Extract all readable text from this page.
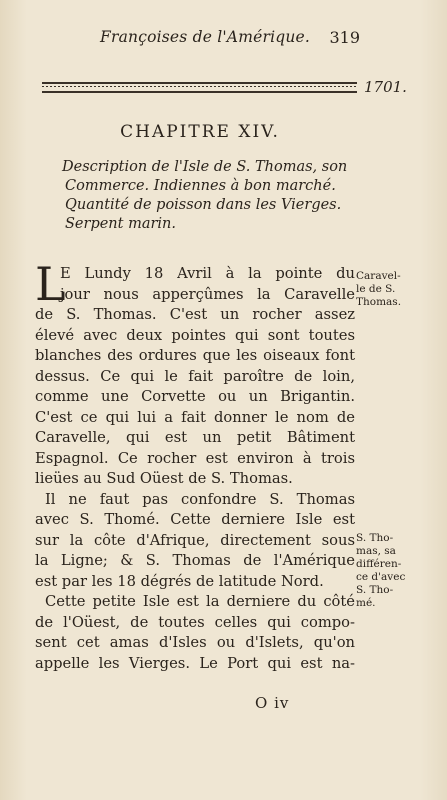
Françoises de l'Amérique. 319
1701.
CHAPITRE XIV.
Description de l'Isle de S. Thomas, son
Commerce. Indiennes à bon marché.
Quantité de poisson dans les Vierges.
Serpent marin.
L
E Lundy 18 Avril à la pointe du
jour nous apperçûmes la Caravelle
de S. Thomas. C'est un rocher assez
élevé avec deux pointes qui sont toutes
blanches des ordures que les oiseaux font
dessus. Ce qui le fait paroître de loin,
comme une Corvette ou un Brigantin.
C'est ce qui lui a fait donner le nom de
Caravelle, qui est un petit Bâtiment
Espagnol. Ce rocher est environ à trois
lieües au Sud Oüest de S. Thomas.
Il ne faut pas confondre S. Thomas
avec S. Thomé. Cette derniere Isle est
sur la côte d'Afrique, directement sous
la Ligne; & S. Thomas de l'Amérique
est par les 18 dégrés de latitude Nord.
Cette petite Isle est la derniere du côté
de l'Oüest, de toutes celles qui compo-
sent cet amas d'Isles ou d'Islets, qu'on
appelle les Vierges. Le Port qui est na-
Caravel-
le de S.
Thomas.
S. Tho-
mas, sa
différen-
ce d'avec
S. Tho-
mé.
O iv
